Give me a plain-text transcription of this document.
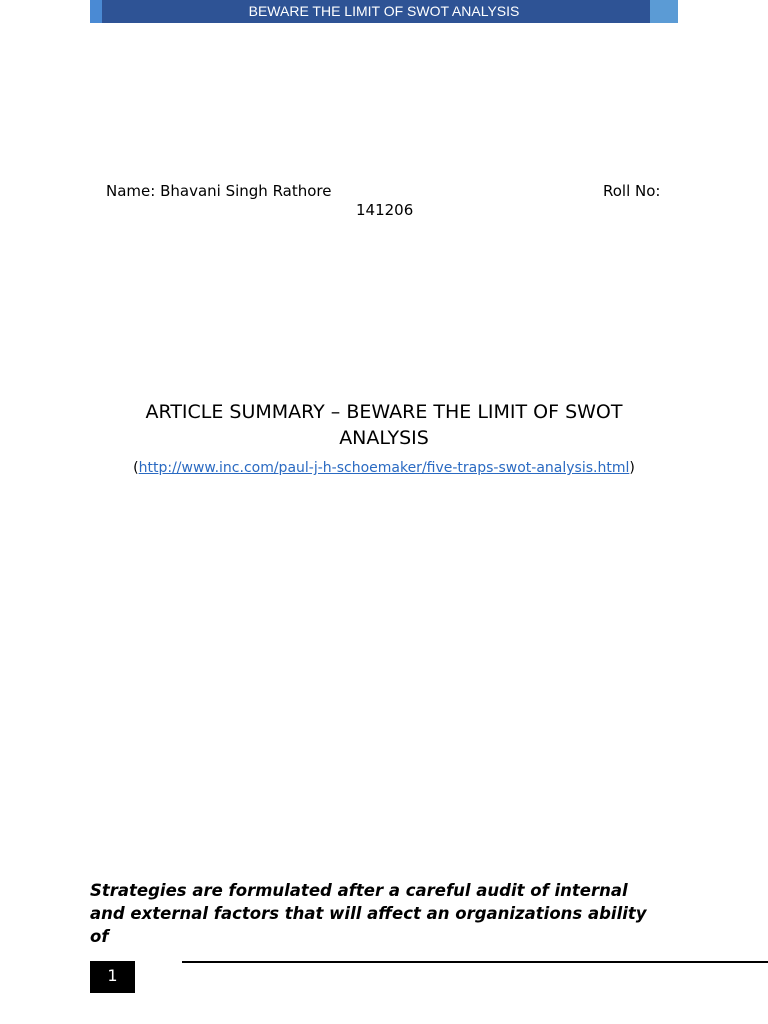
BEWARE THE LIMIT OF SWOT ANALYSIS
Name: Bhavani Singh Rathore	Roll No:
141206
ARTICLE SUMMARY – BEWARE THE LIMIT OF SWOT ANALYSIS
(http://www.inc.com/paul-j-h-schoemaker/five-traps-swot-analysis.html)
Strategies are formulated after a careful audit of internal and external factors that will affect an organizations ability of
1
